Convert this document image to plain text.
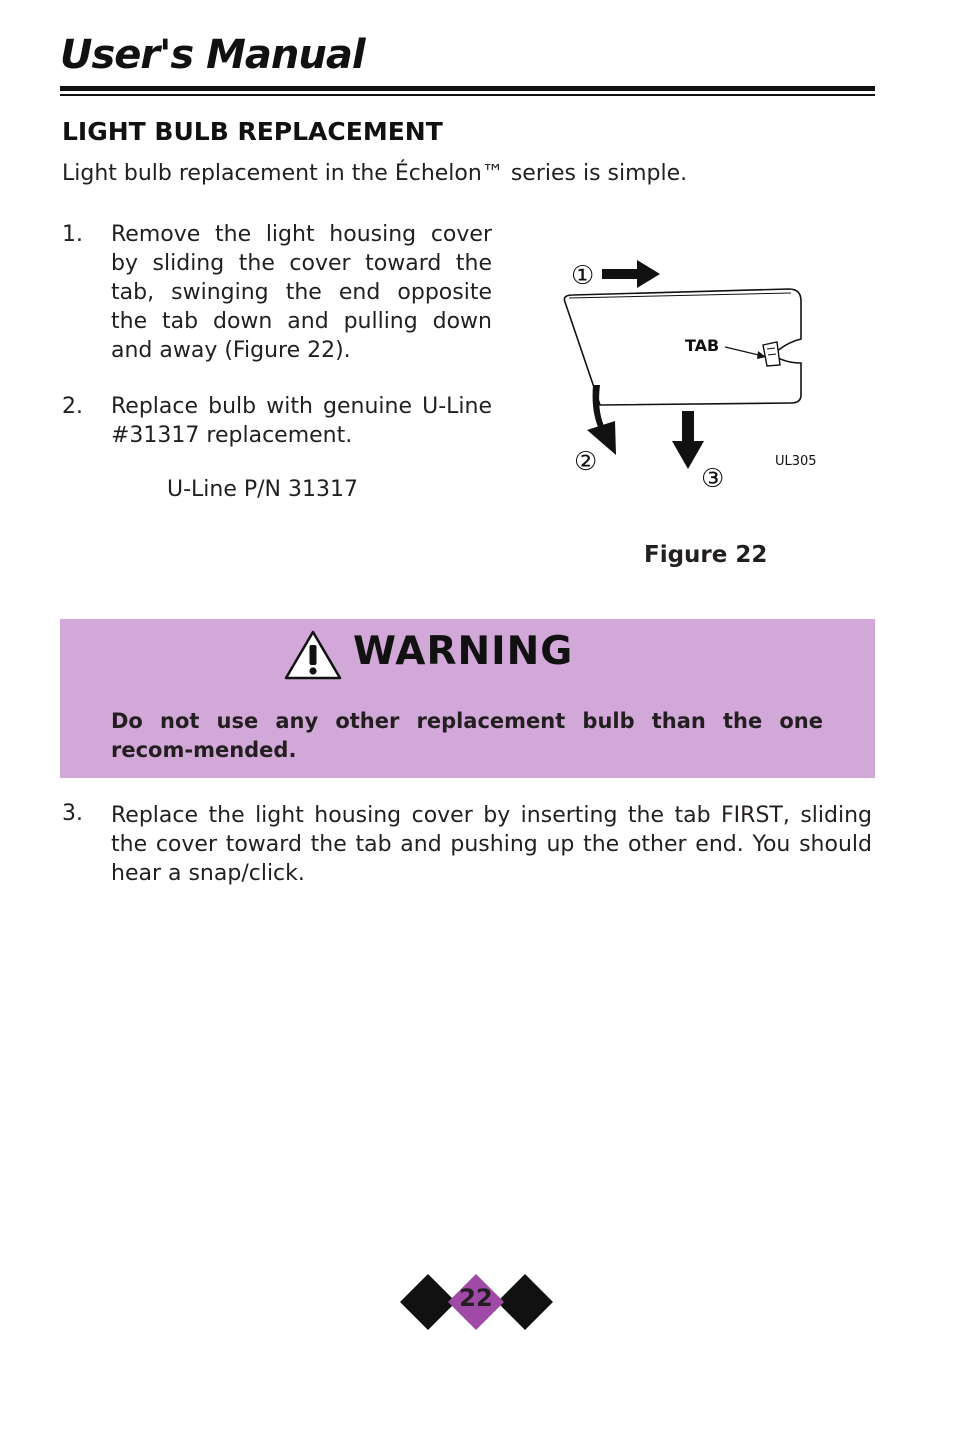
User's Manual
LIGHT BULB REPLACEMENT
Light bulb replacement in the Échelon™ series is simple.
1. Remove the light housing cover by sliding the cover toward the tab, swinging the end opposite the tab down and pulling down and away (Figure 22).
2. Replace bulb with genuine U-Line #31317 replacement.
U-Line P/N 31317
①
TAB
②
③
UL305
Figure 22
WARNING
Do not use any other replacement bulb than the one recom-mended.
3. Replace the light housing cover by inserting the tab FIRST, sliding the cover toward the tab and pushing up the other end. You should hear a snap/click.
22
